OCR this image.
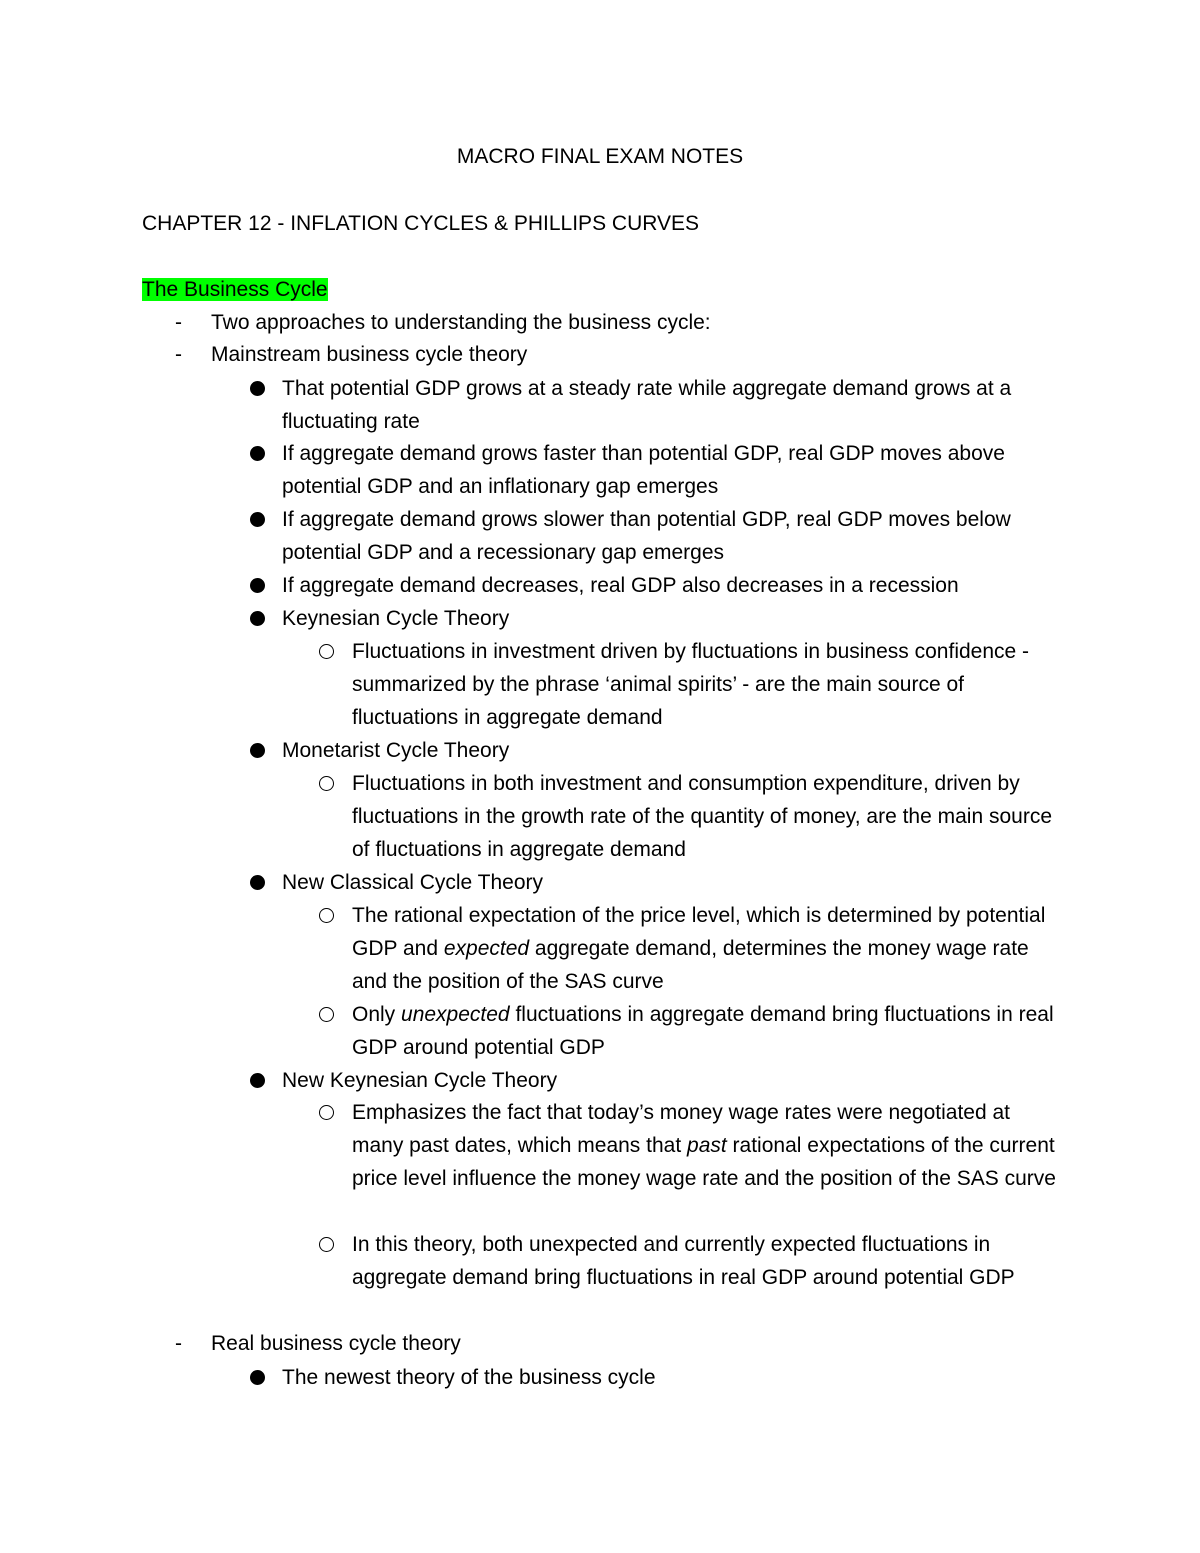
MACRO FINAL EXAM NOTES
CHAPTER 12 - INFLATION CYCLES & PHILLIPS CURVES
The Business Cycle
-	Two approaches to understanding the business cycle:
-	Mainstream business cycle theory
That potential GDP grows at a steady rate while aggregate demand grows at a fluctuating rate
If aggregate demand grows faster than potential GDP, real GDP moves above potential GDP and an inflationary gap emerges
If aggregate demand grows slower than potential GDP, real GDP moves below potential GDP and a recessionary gap emerges
If aggregate demand decreases, real GDP also decreases in a recession
Keynesian Cycle Theory
Fluctuations in investment driven by fluctuations in business confidence - summarized by the phrase ‘animal spirits’ - are the main source of fluctuations in aggregate demand
Monetarist Cycle Theory
Fluctuations in both investment and consumption expenditure, driven by fluctuations in the growth rate of the quantity of money, are the main source of fluctuations in aggregate demand
New Classical Cycle Theory
The rational expectation of the price level, which is determined by potential GDP and expected aggregate demand, determines the money wage rate and the position of the SAS curve
Only unexpected fluctuations in aggregate demand bring fluctuations in real GDP around potential GDP
New Keynesian Cycle Theory
Emphasizes the fact that today’s money wage rates were negotiated at many past dates, which means that past rational expectations of the current price level influence the money wage rate and the position of the SAS curve
In this theory, both unexpected and currently expected fluctuations in aggregate demand bring fluctuations in real GDP around potential GDP
-	Real business cycle theory
The newest theory of the business cycle
